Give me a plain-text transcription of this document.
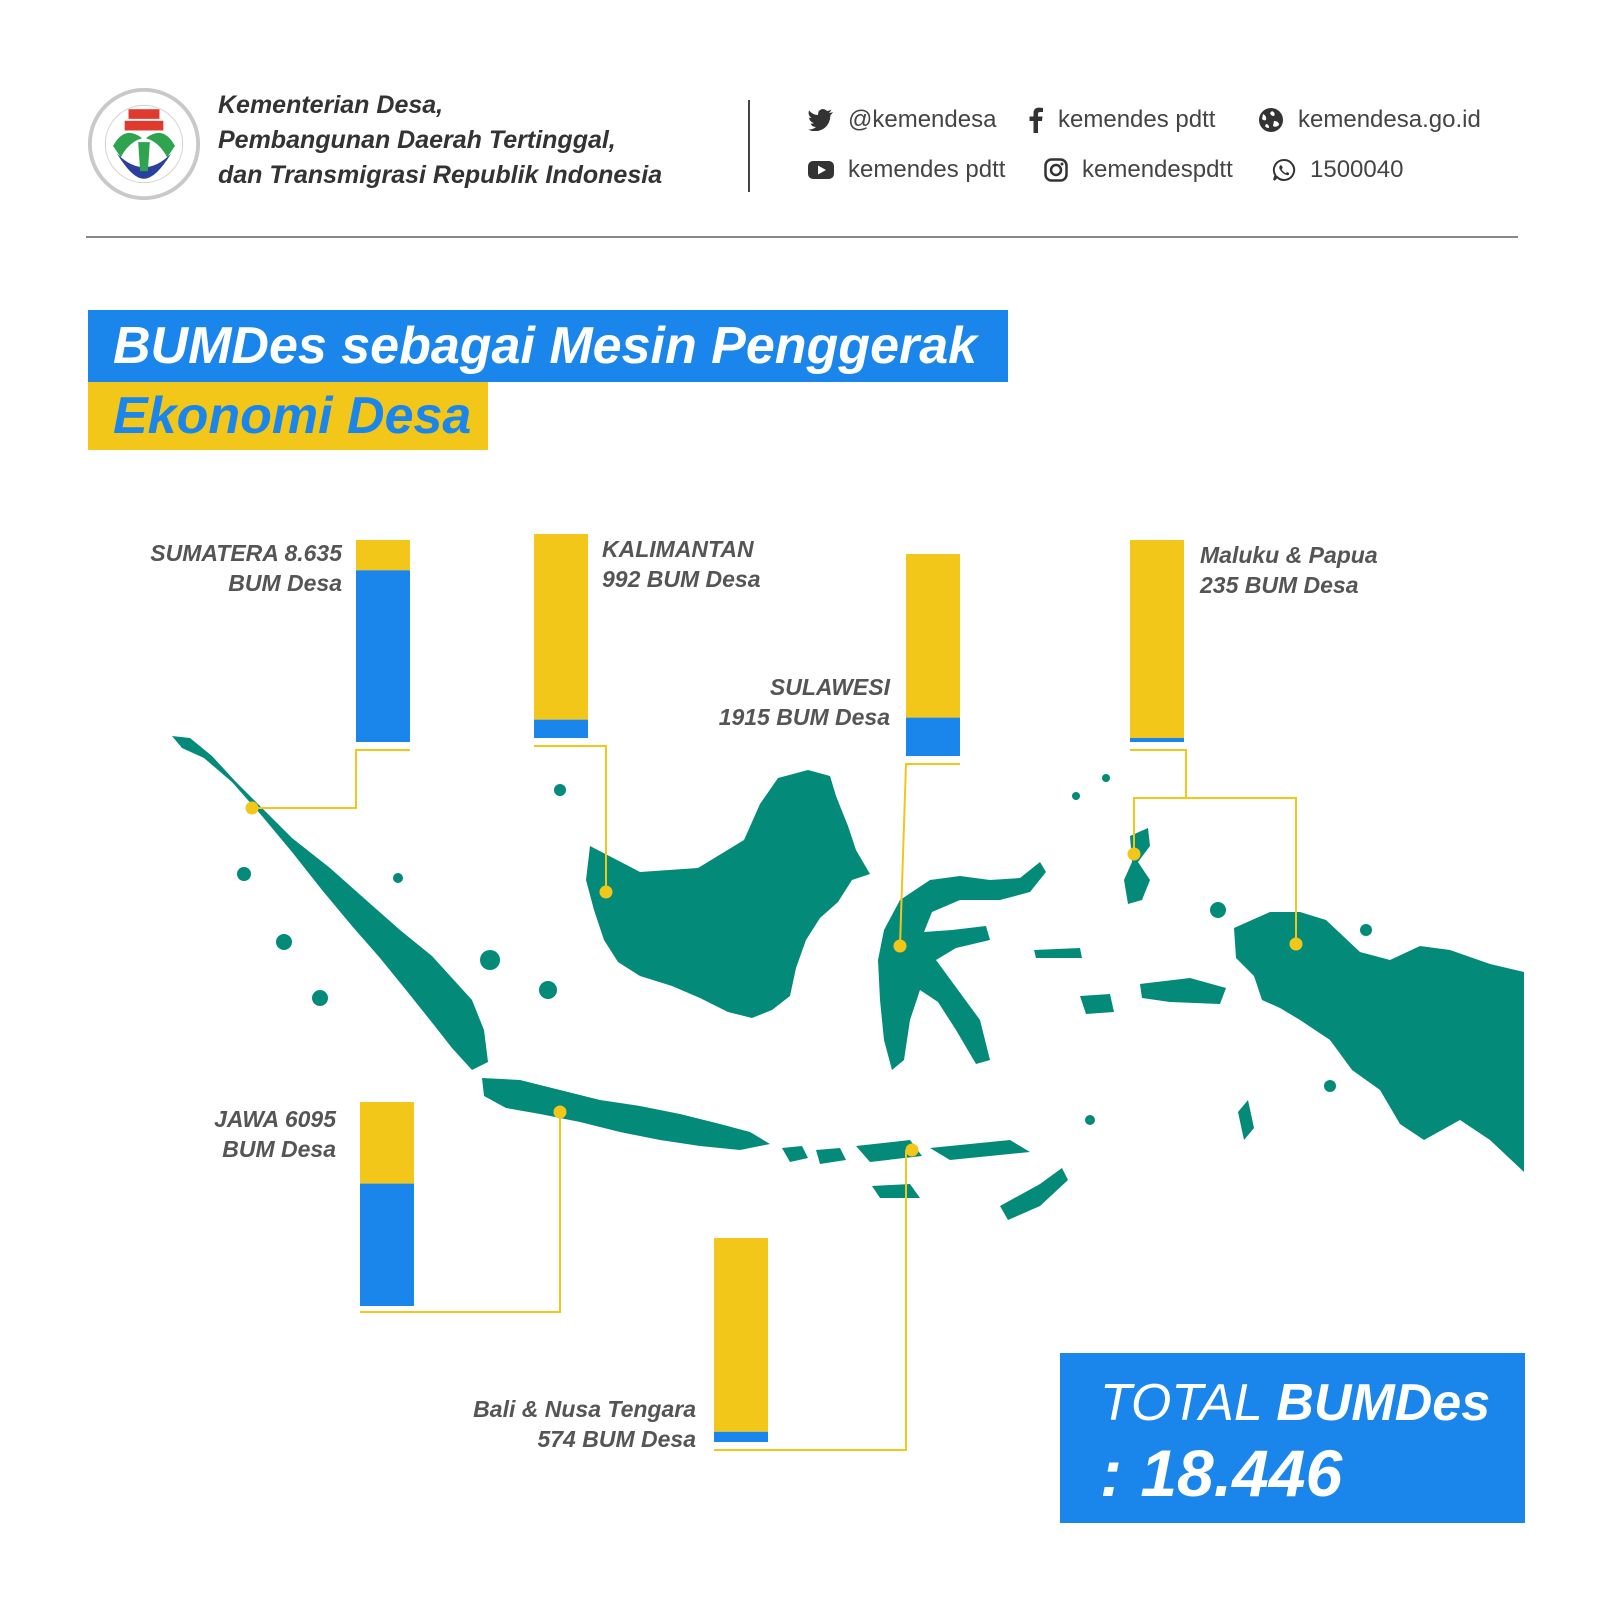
Kementerian Desa,
Pembangunan Daerah Tertinggal,
dan Transmigrasi Republik Indonesia
@kemendesa	kemendes pdtt	kemendesa.go.id
kemendes pdtt	kemendespdtt	1500040
BUMDes sebagai Mesin Penggerak
Ekonomi Desa
SUMATERA 8.635
BUM Desa
KALIMANTAN
992 BUM Desa
SULAWESI
1915 BUM Desa
Maluku & Papua
235 BUM Desa
JAWA 6095
BUM Desa
Bali & Nusa Tengara
574 BUM Desa
TOTAL BUMDes
: 18.446
